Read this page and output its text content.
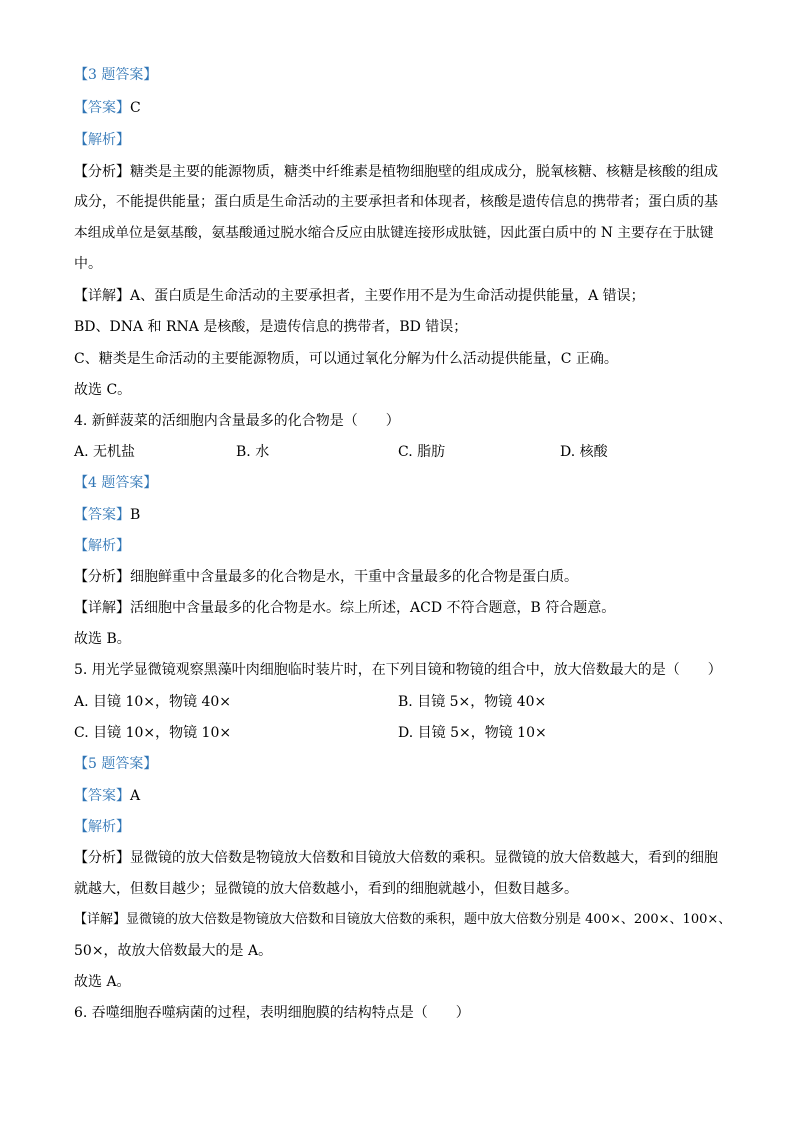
【3 题答案】
【答案】C
【解析】
【分析】糖类是主要的能源物质，糖类中纤维素是植物细胞壁的组成成分，脱氧核糖、核糖是核酸的组成
成分，不能提供能量；蛋白质是生命活动的主要承担者和体现者，核酸是遗传信息的携带者；蛋白质的基
本组成单位是氨基酸，氨基酸通过脱水缩合反应由肽键连接形成肽链，因此蛋白质中的 N 主要存在于肽键
中。
【详解】A、蛋白质是生命活动的主要承担者，主要作用不是为生命活动提供能量，A 错误；
BD、DNA 和 RNA 是核酸，是遗传信息的携带者，BD 错误；
C、糖类是生命活动的主要能源物质，可以通过氧化分解为什么活动提供能量，C 正确。
故选 C。
4. 新鲜菠菜的活细胞内含量最多的化合物是（　　）
A. 无机盐	B. 水	C. 脂肪	D. 核酸
【4 题答案】
【答案】B
【解析】
【分析】细胞鲜重中含量最多的化合物是水，干重中含量最多的化合物是蛋白质。
【详解】活细胞中含量最多的化合物是水。综上所述，ACD 不符合题意，B 符合题意。
故选 B。
5. 用光学显微镜观察黑藻叶肉细胞临时装片时，在下列目镜和物镜的组合中，放大倍数最大的是（　　）
A. 目镜 10×，物镜 40×	B. 目镜 5×，物镜 40×
C. 目镜 10×，物镜 10×	D. 目镜 5×，物镜 10×
【5 题答案】
【答案】A
【解析】
【分析】显微镜的放大倍数是物镜放大倍数和目镜放大倍数的乘积。显微镜的放大倍数越大，看到的细胞
就越大，但数目越少；显微镜的放大倍数越小，看到的细胞就越小，但数目越多。
【详解】显微镜的放大倍数是物镜放大倍数和目镜放大倍数的乘积，题中放大倍数分别是 400×、200×、100×、
50×，故放大倍数最大的是 A。
故选 A。
6. 吞噬细胞吞噬病菌的过程，表明细胞膜的结构特点是（　　）
